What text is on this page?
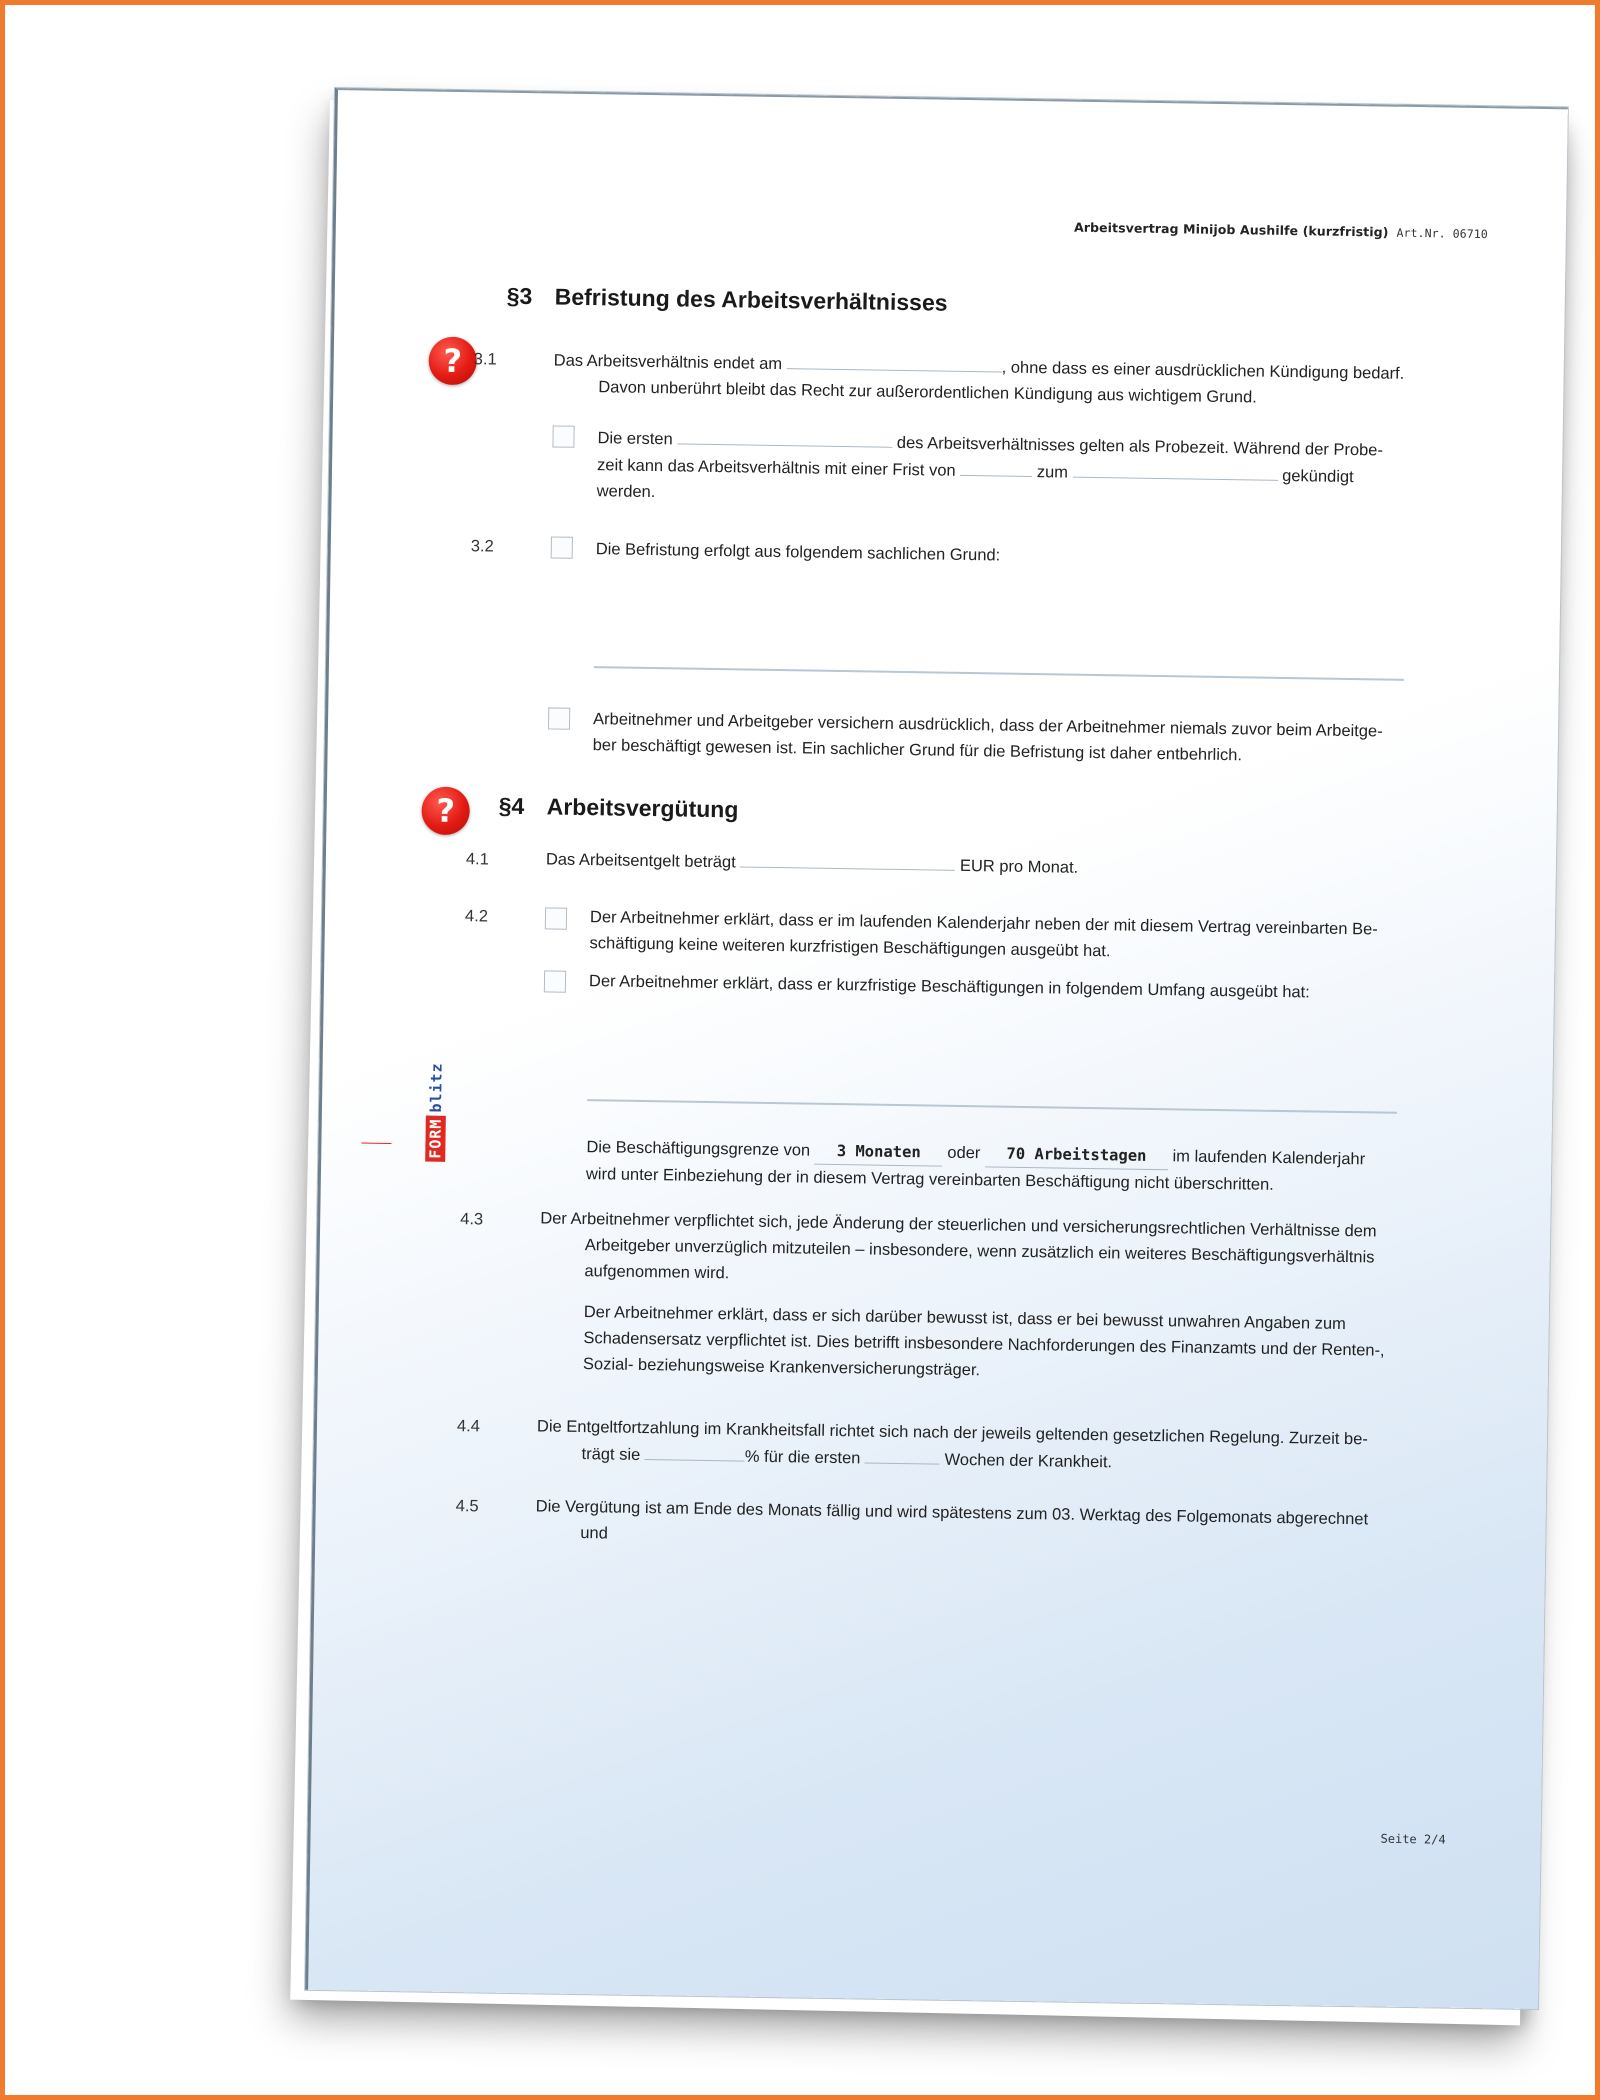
Arbeitsvertrag Minijob Aushilfe (kurzfristig) Art.Nr. 06710
§3 Befristung des Arbeitsverhältnisses
? 3.1	Das Arbeitsverhältnis endet am	, ohne dass es einer ausdrücklichen Kündigung bedarf.
Davon unberührt bleibt das Recht zur außerordentlichen Kündigung aus wichtigem Grund.
Die ersten	des Arbeitsverhältnisses gelten als Probezeit. Während der Probe-
zeit kann das Arbeitsverhältnis mit einer Frist von	zum	gekündigt
werden.
3.2	Die Befristung erfolgt aus folgendem sachlichen Grund:
Arbeitnehmer und Arbeitgeber versichern ausdrücklich, dass der Arbeitnehmer niemals zuvor beim Arbeitge-
ber beschäftigt gewesen ist. Ein sachlicher Grund für die Befristung ist daher entbehrlich.
§4 Arbeitsvergütung
?
4.1	Das Arbeitsentgelt beträgt	EUR pro Monat.
4.2	Der Arbeitnehmer erklärt, dass er im laufenden Kalenderjahr neben der mit diesem Vertrag vereinbarten Be-
schäftigung keine weiteren kurzfristigen Beschäftigungen ausgeübt hat.
Der Arbeitnehmer erklärt, dass er kurzfristige Beschäftigungen in folgendem Umfang ausgeübt hat:
Die Beschäftigungsgrenze von 3 Monaten oder 70 Arbeitstagen im laufenden Kalenderjahr
wird unter Einbeziehung der in diesem Vertrag vereinbarten Beschäftigung nicht überschritten.
4.3	Der Arbeitnehmer verpflichtet sich, jede Änderung der steuerlichen und versicherungsrechtlichen Verhältnisse dem
Arbeitgeber unverzüglich mitzuteilen – insbesondere, wenn zusätzlich ein weiteres Beschäftigungsverhältnis
aufgenommen wird.
Der Arbeitnehmer erklärt, dass er sich darüber bewusst ist, dass er bei bewusst unwahren Angaben zum
Schadensersatz verpflichtet ist. Dies betrifft insbesondere Nachforderungen des Finanzamts und der Renten-,
Sozial- beziehungsweise Krankenversicherungsträger.
4.4	Die Entgeltfortzahlung im Krankheitsfall richtet sich nach der jeweils geltenden gesetzlichen Regelung. Zurzeit be-
trägt sie	% für die ersten	Wochen der Krankheit.
4.5	Die Vergütung ist am Ende des Monats fällig und wird spätestens zum 03. Werktag des Folgemonats abgerechnet
und
Seite 2/4
FORMblitz
